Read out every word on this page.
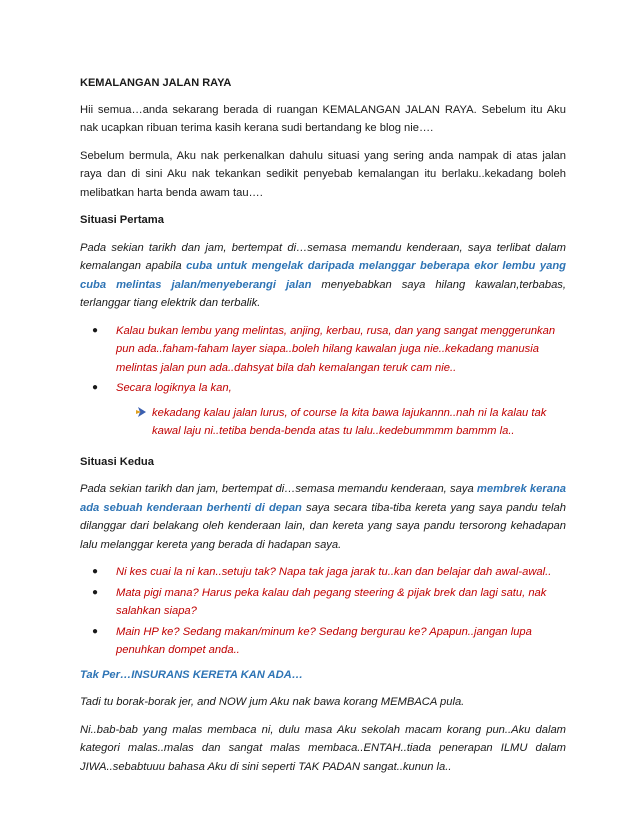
KEMALANGAN JALAN RAYA

Hii semua…anda sekarang berada di ruangan KEMALANGAN JALAN RAYA. Sebelum itu Aku nak ucapkan ribuan terima kasih kerana sudi bertandang ke blog nie….

Sebelum bermula, Aku nak perkenalkan dahulu situasi yang sering anda nampak di atas jalan raya dan di sini Aku nak tekankan sedikit penyebab kemalangan itu berlaku..kekadang boleh melibatkan harta benda awam tau….

Situasi Pertama

Pada sekian tarikh dan jam, bertempat di…semasa memandu kenderaan, saya terlibat dalam kemalangan apabila cuba untuk mengelak daripada melanggar beberapa ekor lembu yang cuba melintas jalan/menyeberangi jalan menyebabkan saya hilang kawalan,terbabas, terlanggar tiang elektrik dan terbalik.

● Kalau bukan lembu yang melintas, anjing, kerbau, rusa, dan yang sangat menggerunkan pun ada..faham-faham layer siapa..boleh hilang kawalan juga nie..kekadang manusia melintas jalan pun ada..dahsyat bila dah kemalangan teruk cam nie..
● Secara logiknya la kan,
kekadang kalau jalan lurus, of course la kita bawa lajukannn..nah ni la kalau tak kawal laju ni..tetiba benda-benda atas tu lalu..kedebummmm bammm la..
Situasi Kedua

Pada sekian tarikh dan jam, bertempat di…semasa memandu kenderaan, saya membrek kerana ada sebuah kenderaan berhenti di depan saya secara tiba-tiba kereta yang saya pandu telah dilanggar dari belakang oleh kenderaan lain, dan kereta yang saya pandu tersorong kehadapan lalu melanggar kereta yang berada di hadapan saya.

● Ni kes cuai la ni kan..setuju tak? Napa tak jaga jarak tu..kan dan belajar dah awal-awal..
● Mata pigi mana? Harus peka kalau dah pegang steering & pijak brek dan lagi satu, nak salahkan siapa?
● Main HP ke? Sedang makan/minum ke? Sedang bergurau ke? Apapun..jangan lupa penuhkan dompet anda..
Tak Per…INSURANS KERETA KAN ADA…

Tadi tu borak-borak jer, and NOW jum Aku nak bawa korang MEMBACA pula.

Ni..bab-bab yang malas membaca ni, dulu masa Aku sekolah macam korang pun..Aku dalam kategori malas..malas dan sangat malas membaca..ENTAH..tiada penerapan ILMU dalam JIWA..sebabtuuu bahasa Aku di sini seperti TAK PADAN sangat..kunun la..
